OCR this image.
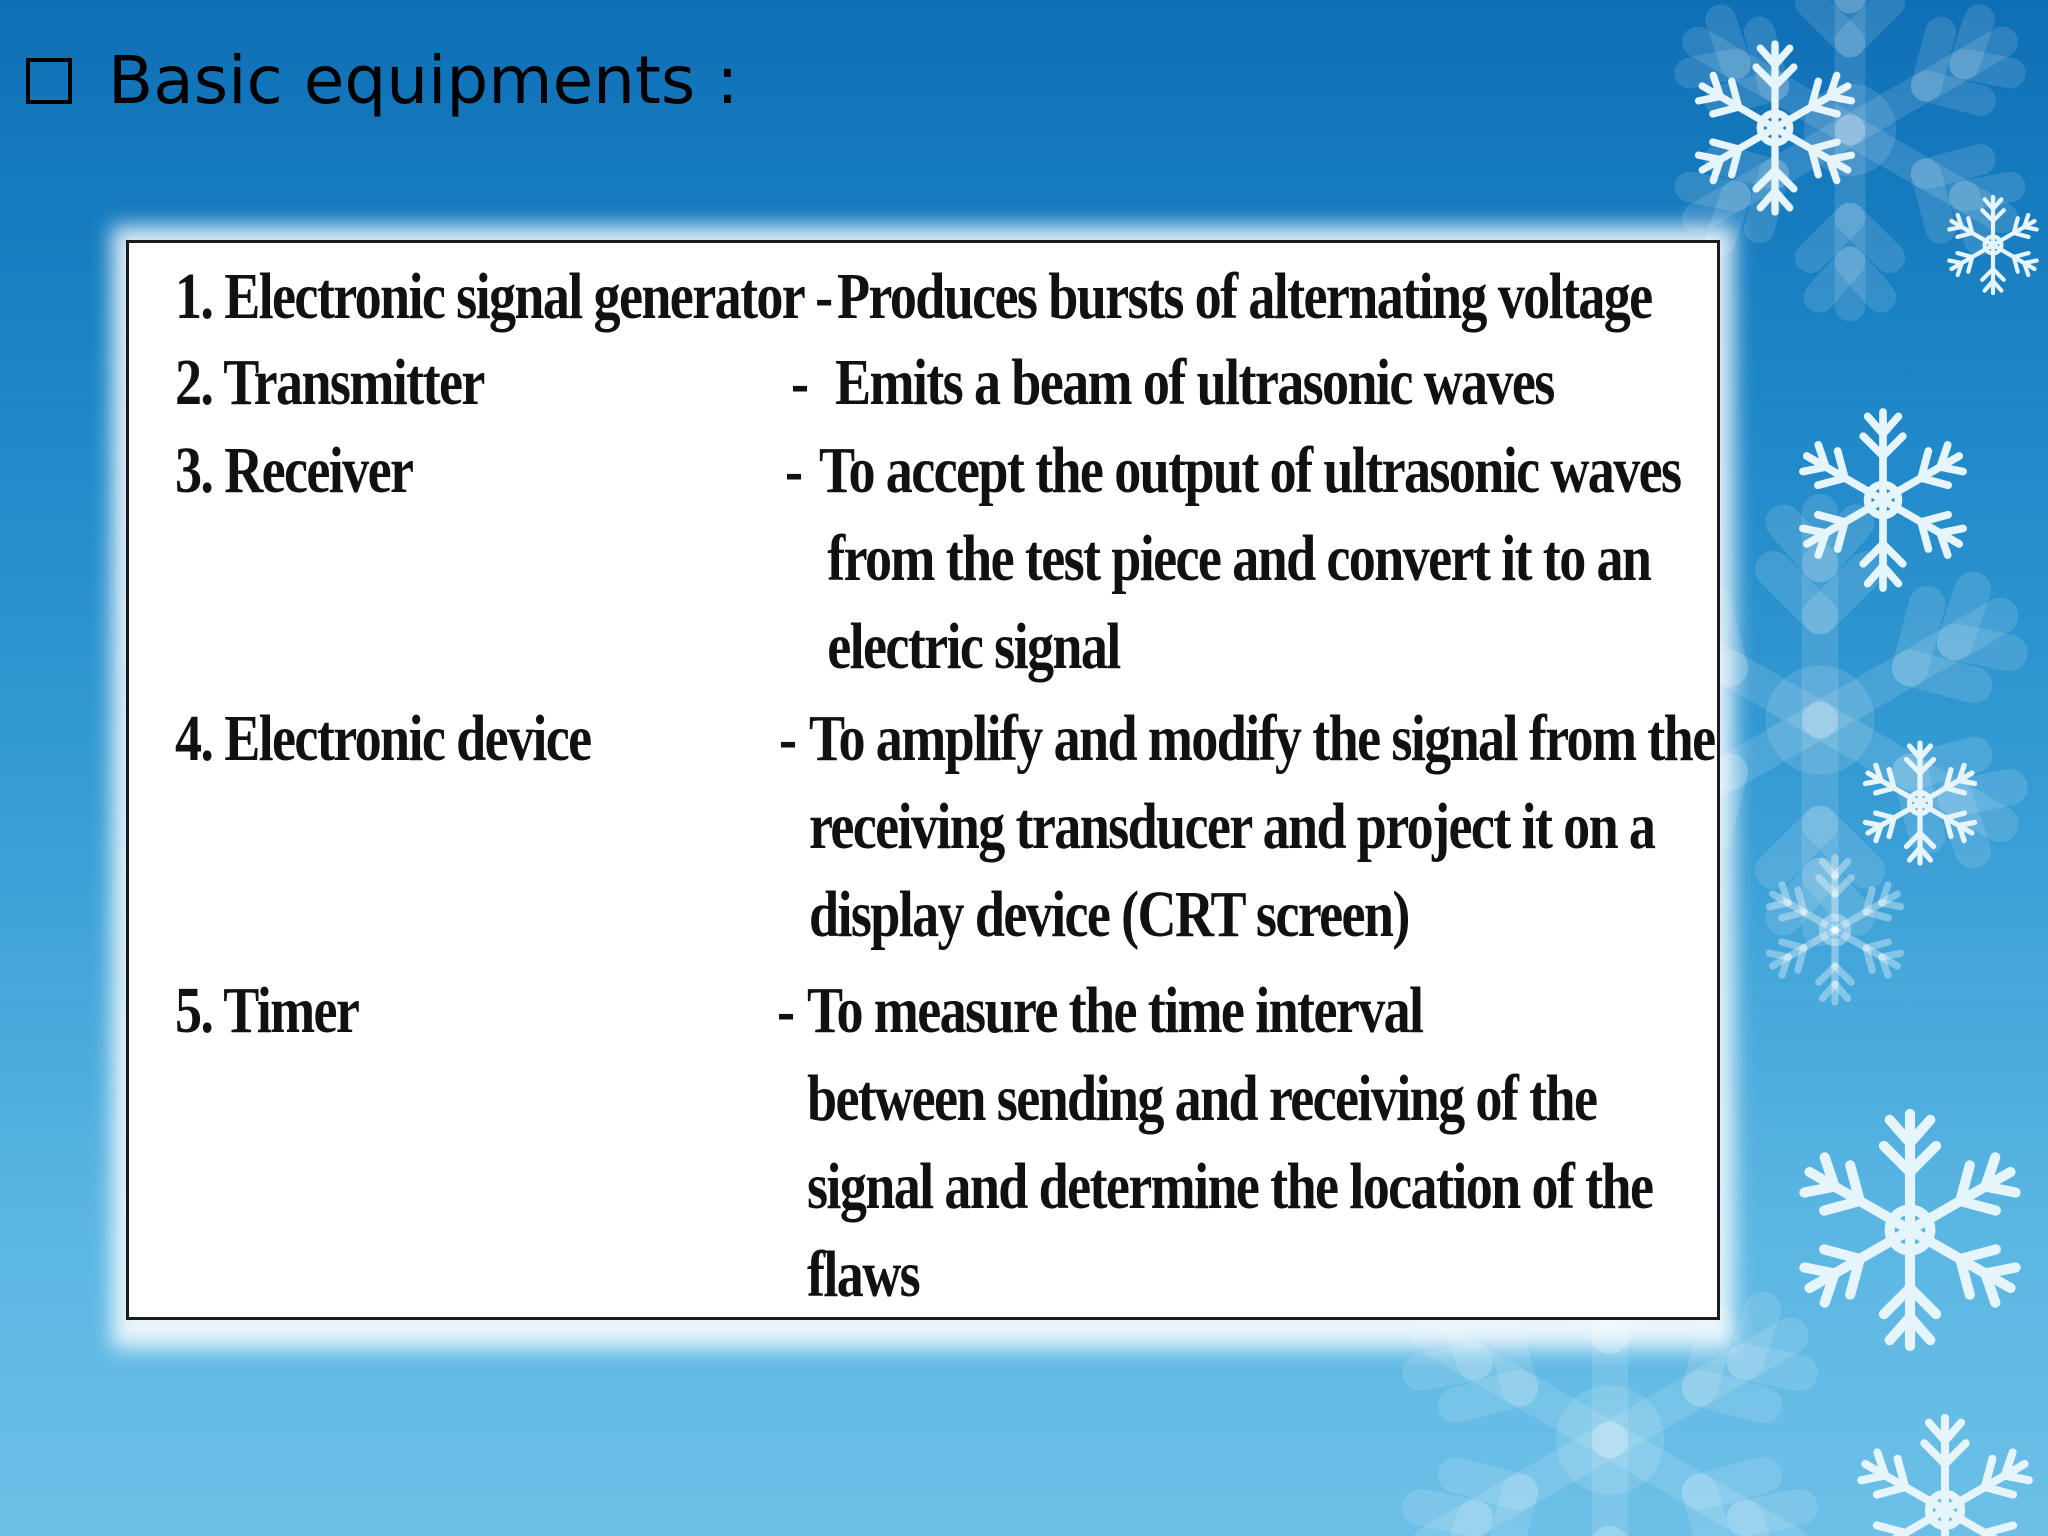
Basic equipments :
1. Electronic signal generator - Produces bursts of alternating voltage
2. Transmitter	- Emits a beam of ultrasonic waves
3. Receiver	- To accept the output of ultrasonic waves
from the test piece and convert it to an
electric signal
4. Electronic device	- To amplify and modify the signal from the
receiving transducer and project it on a
display device (CRT screen)
5. Timer	- To measure the time interval
between sending and receiving of the
signal and determine the location of the
flaws
